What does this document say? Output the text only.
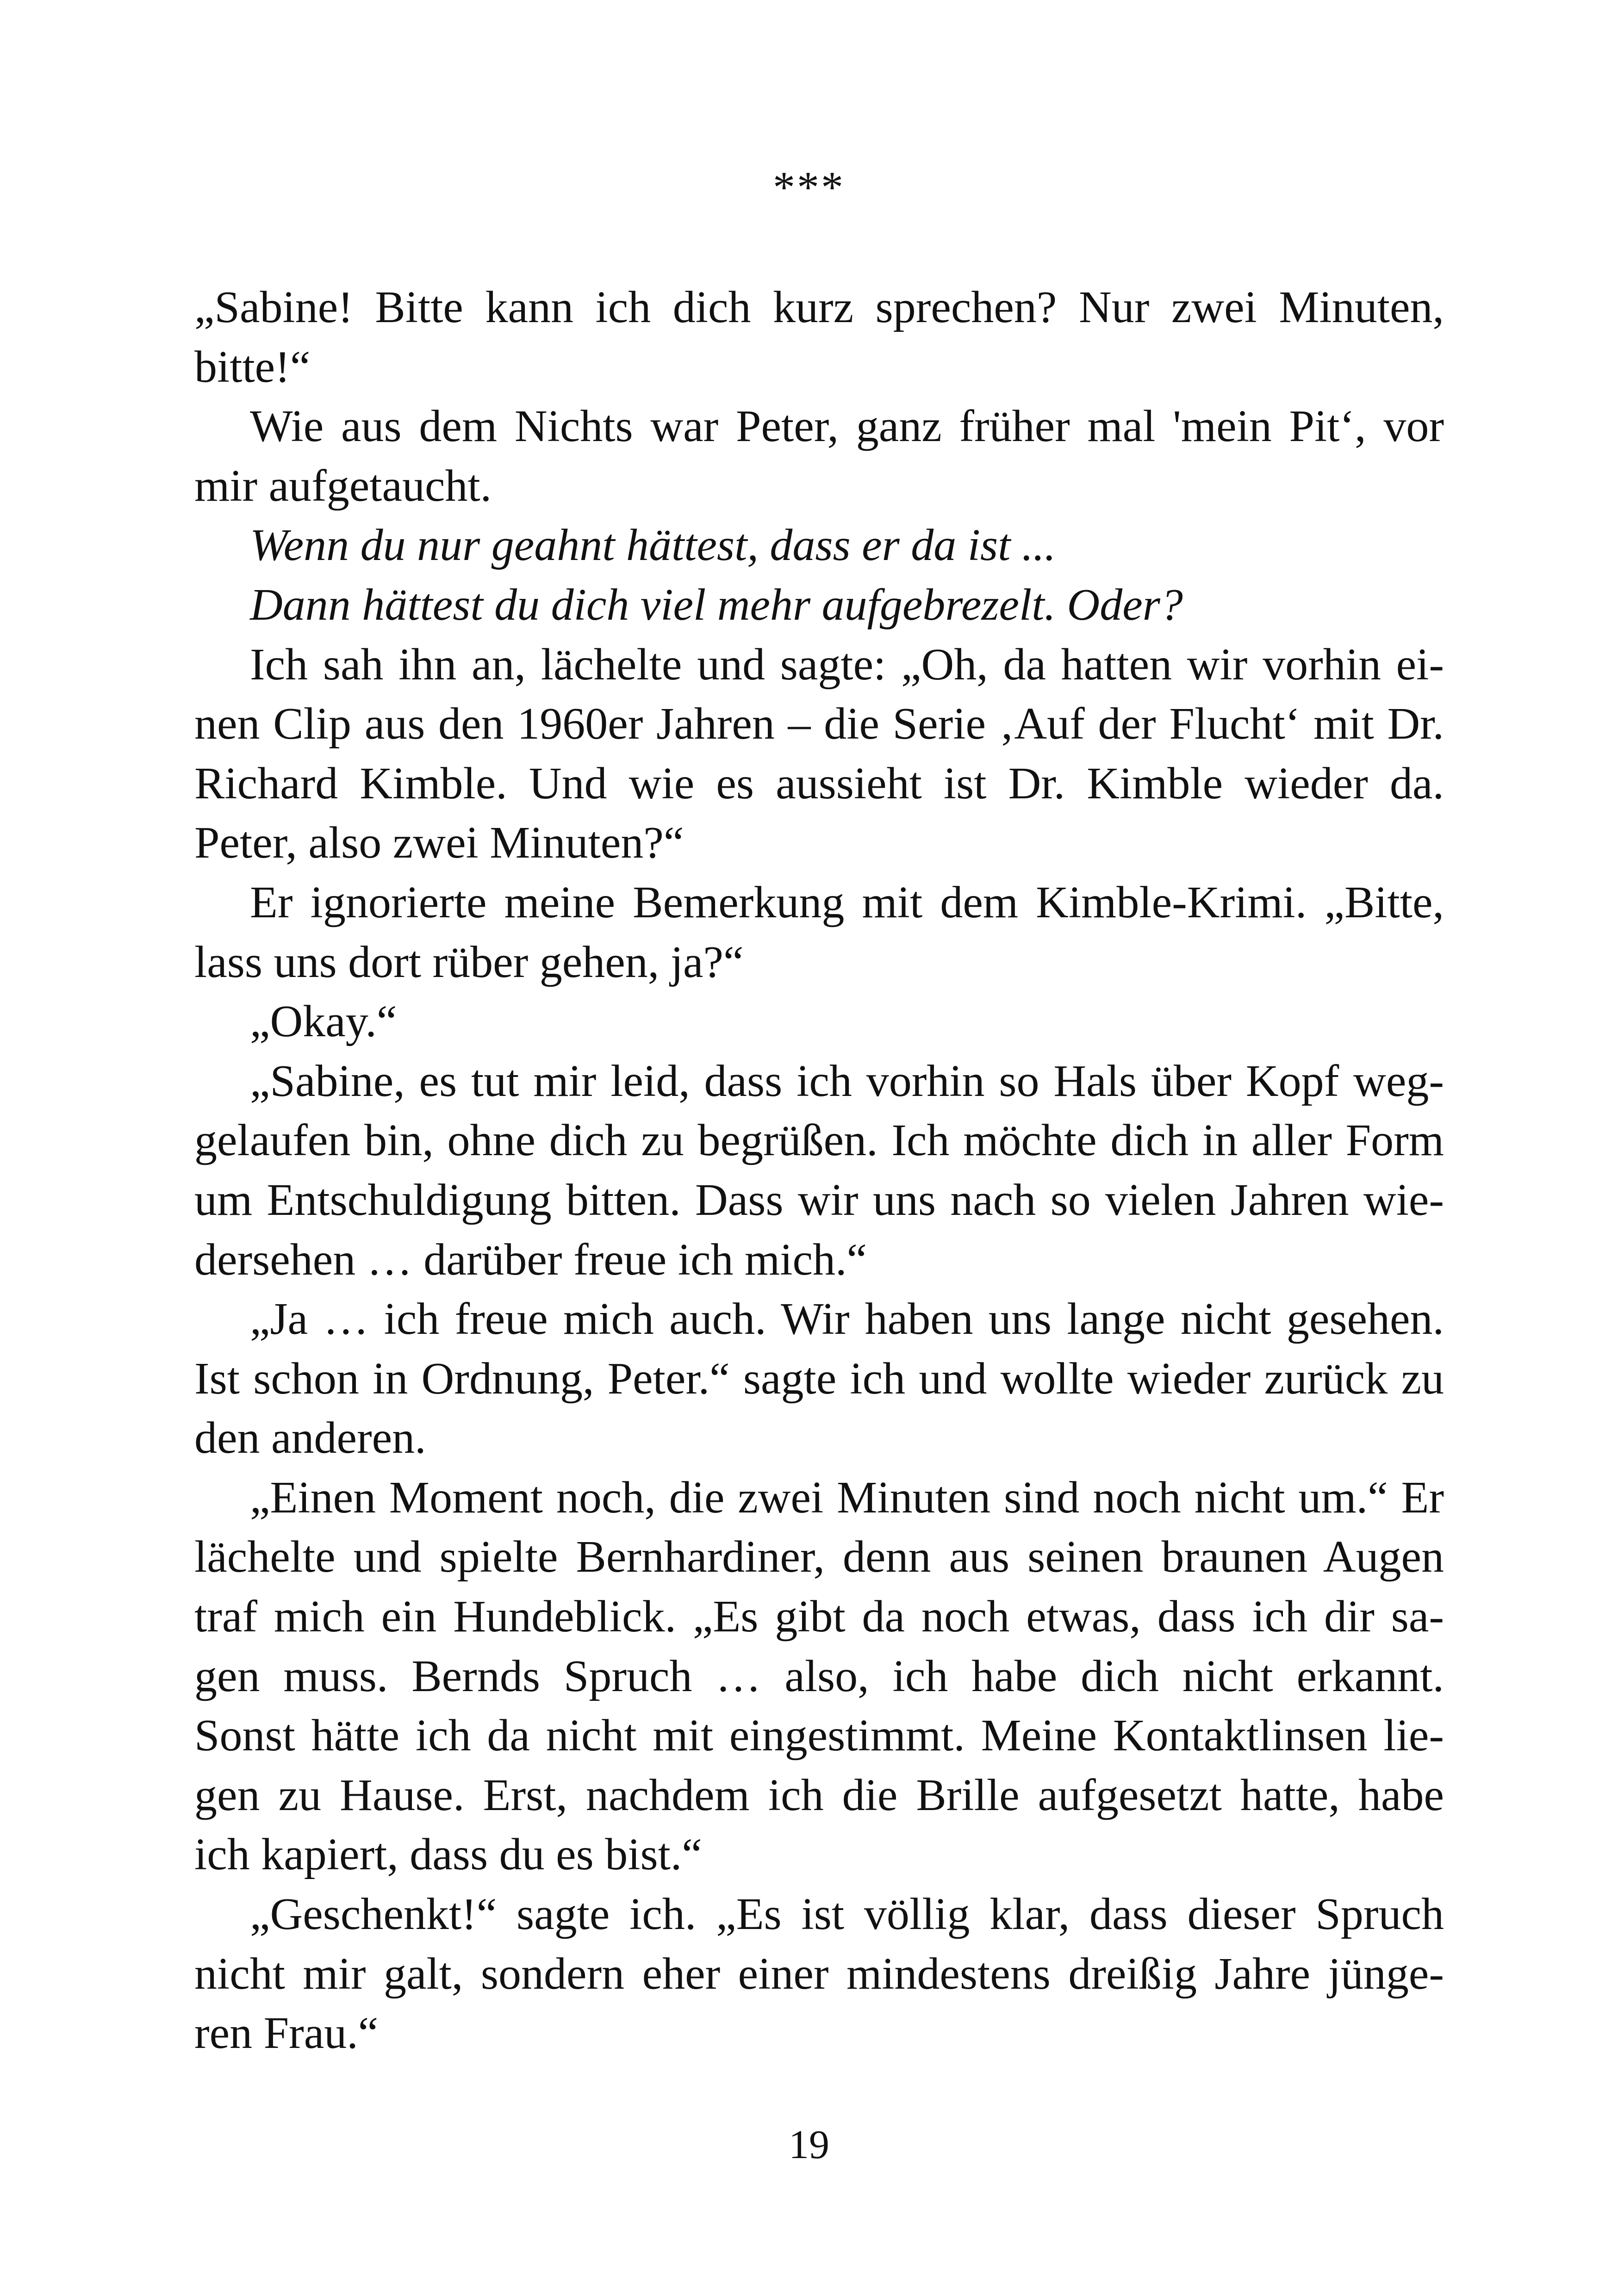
***
„Sabine! Bitte kann ich dich kurz sprechen? Nur zwei Minuten,
bitte!“
Wie aus dem Nichts war Peter, ganz früher mal 'mein Pit‘, vor
mir aufgetaucht.
Wenn du nur geahnt hättest, dass er da ist ...
Dann hättest du dich viel mehr aufgebrezelt. Oder?
Ich sah ihn an, lächelte und sagte: „Oh, da hatten wir vorhin ei-
nen Clip aus den 1960er Jahren – die Serie ‚Auf der Flucht‘ mit Dr.
Richard Kimble. Und wie es aussieht ist Dr. Kimble wieder da.
Peter, also zwei Minuten?“
Er ignorierte meine Bemerkung mit dem Kimble-Krimi. „Bitte,
lass uns dort rüber gehen, ja?“
„Okay.“
„Sabine, es tut mir leid, dass ich vorhin so Hals über Kopf weg-
gelaufen bin, ohne dich zu begrüßen. Ich möchte dich in aller Form
um Entschuldigung bitten. Dass wir uns nach so vielen Jahren wie-
dersehen … darüber freue ich mich.“
„Ja … ich freue mich auch. Wir haben uns lange nicht gesehen.
Ist schon in Ordnung, Peter.“ sagte ich und wollte wieder zurück zu
den anderen.
„Einen Moment noch, die zwei Minuten sind noch nicht um.“ Er
lächelte und spielte Bernhardiner, denn aus seinen braunen Augen
traf mich ein Hundeblick. „Es gibt da noch etwas, dass ich dir sa-
gen muss. Bernds Spruch … also, ich habe dich nicht erkannt.
Sonst hätte ich da nicht mit eingestimmt. Meine Kontaktlinsen lie-
gen zu Hause. Erst, nachdem ich die Brille aufgesetzt hatte, habe
ich kapiert, dass du es bist.“
„Geschenkt!“ sagte ich. „Es ist völlig klar, dass dieser Spruch
nicht mir galt, sondern eher einer mindestens dreißig Jahre jünge-
ren Frau.“
19
